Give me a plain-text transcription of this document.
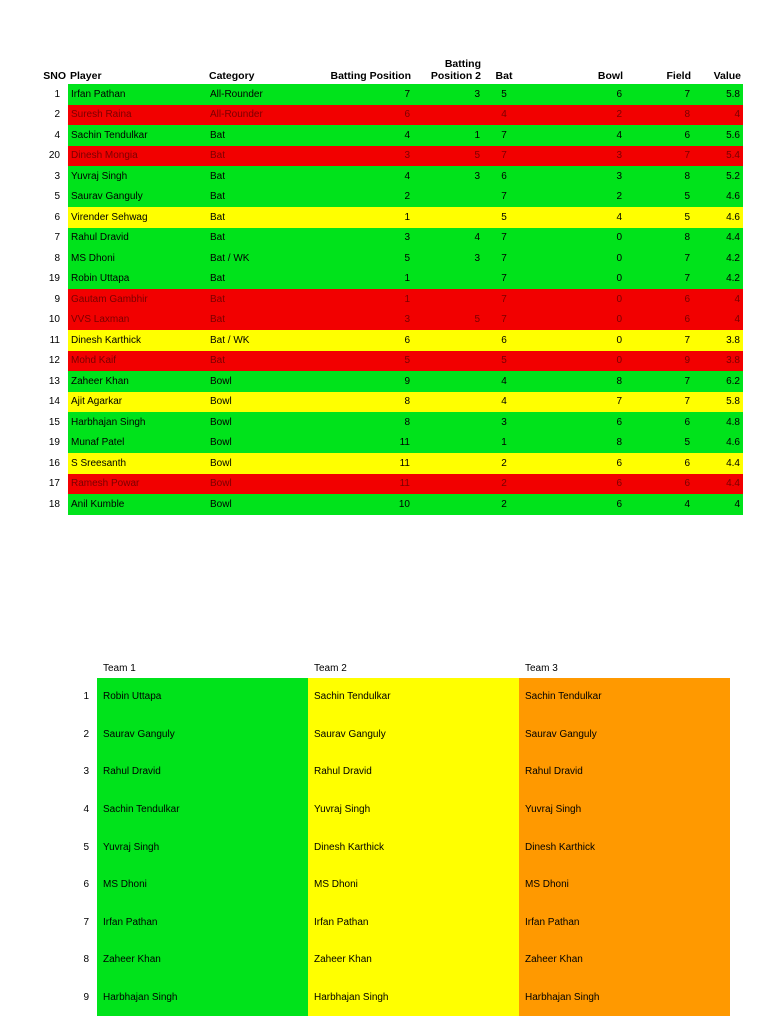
SNO	Player	Category	Batting Position	Batting Position 2	Bat	Bowl	Field	Value
1	Irfan Pathan	All-Rounder	7	3	5	6	7	5.8
2	Suresh Raina	All-Rounder	6		4	2	8	4
4	Sachin Tendulkar	Bat	4	1	7	4	6	5.6
20	Dinesh Mongia	Bat	3	5	7	3	7	5.4
3	Yuvraj Singh	Bat	4	3	6	3	8	5.2
5	Saurav Ganguly	Bat	2		7	2	5	4.6
6	Virender Sehwag	Bat	1		5	4	5	4.6
7	Rahul Dravid	Bat	3	4	7	0	8	4.4
8	MS Dhoni	Bat / WK	5	3	7	0	7	4.2
19	Robin Uttapa	Bat	1		7	0	7	4.2
9	Gautam Gambhir	Bat	1		7	0	6	4
10	VVS Laxman	Bat	3	5	7	0	6	4
11	Dinesh Karthick	Bat / WK	6		6	0	7	3.8
12	Mohd Kaif	Bat	5		5	0	9	3.8
13	Zaheer Khan	Bowl	9		4	8	7	6.2
14	Ajit Agarkar	Bowl	8		4	7	7	5.8
15	Harbhajan Singh	Bowl	8		3	6	6	4.8
19	Munaf Patel	Bowl	11		1	8	5	4.6
16	S Sreesanth	Bowl	11		2	6	6	4.4
17	Ramesh Powar	Bowl	11		2	6	6	4.4
18	Anil Kumble	Bowl	10		2	6	4	4
	Team 1	Team 2	Team 3
1	Robin Uttapa	Sachin Tendulkar	Sachin Tendulkar
2	Saurav Ganguly	Saurav Ganguly	Saurav Ganguly
3	Rahul Dravid	Rahul Dravid	Rahul Dravid
4	Sachin Tendulkar	Yuvraj Singh	Yuvraj Singh
5	Yuvraj Singh	Dinesh Karthick	Dinesh Karthick
6	MS Dhoni	MS Dhoni	MS Dhoni
7	Irfan Pathan	Irfan Pathan	Irfan Pathan
8	Zaheer Khan	Zaheer Khan	Zaheer Khan
9	Harbhajan Singh	Harbhajan Singh	Harbhajan Singh
